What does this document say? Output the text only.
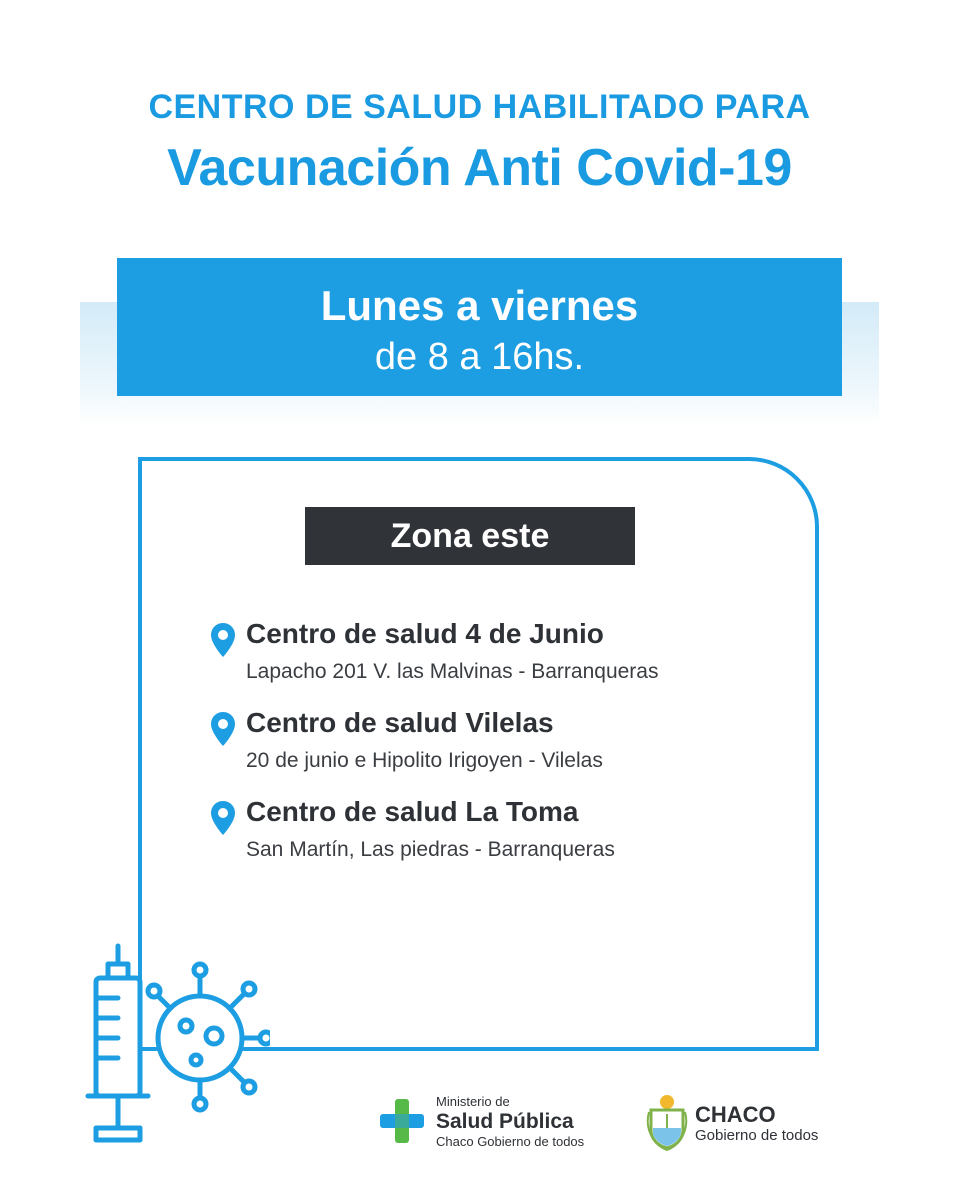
CENTRO DE SALUD HABILITADO PARA
Vacunación Anti Covid-19
Lunes a viernes
de 8 a 16hs.
Zona este
Centro de salud 4 de Junio
Lapacho 201 V. las Malvinas - Barranqueras
Centro de salud Vilelas
20 de junio e Hipolito Irigoyen - Vilelas
Centro de salud La Toma
San Martín, Las piedras - Barranqueras
Ministerio de
Salud Pública
Chaco Gobierno de todos
CHACO
Gobierno de todos
